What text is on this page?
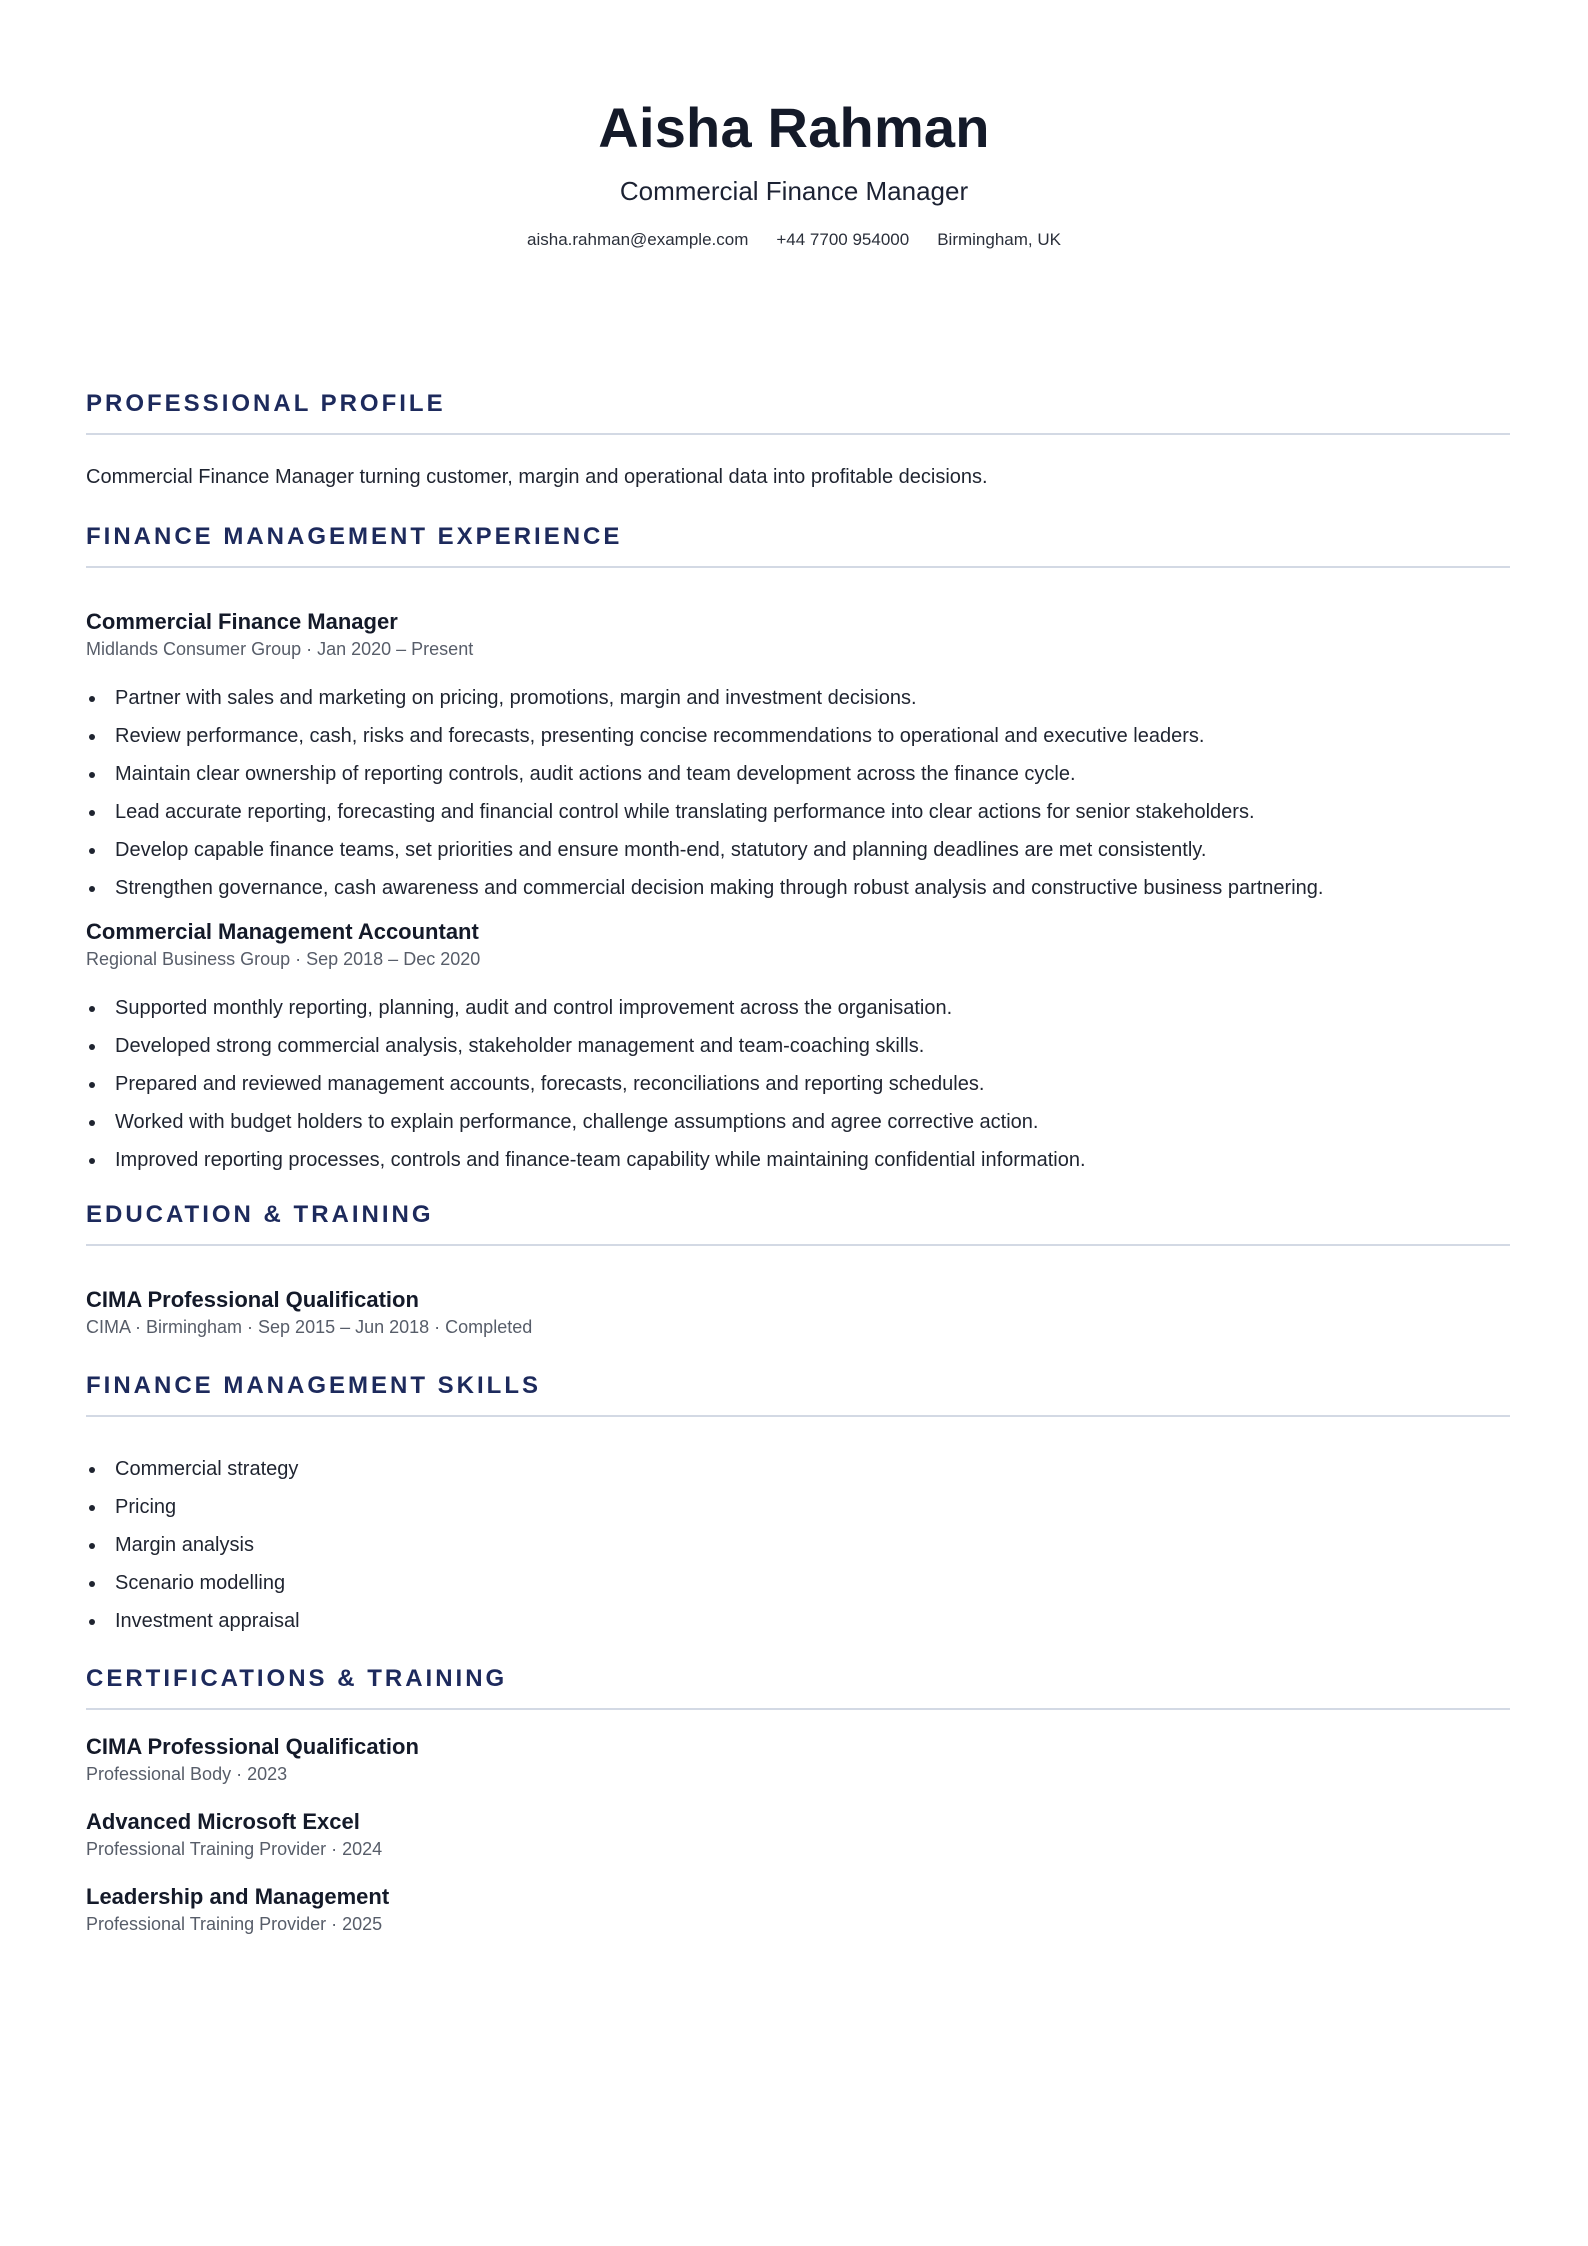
Aisha Rahman
Commercial Finance Manager
aisha.rahman@example.com +44 7700 954000 Birmingham, UK
PROFESSIONAL PROFILE

Commercial Finance Manager turning customer, margin and operational data into profitable decisions.

FINANCE MANAGEMENT EXPERIENCE
Commercial Finance Manager
Midlands Consumer Group · Jan 2020 – Present
Partner with sales and marketing on pricing, promotions, margin and investment decisions.
Review performance, cash, risks and forecasts, presenting concise recommendations to operational and executive leaders.
Maintain clear ownership of reporting controls, audit actions and team development across the finance cycle.
Lead accurate reporting, forecasting and financial control while translating performance into clear actions for senior stakeholders.
Develop capable finance teams, set priorities and ensure month-end, statutory and planning deadlines are met consistently.
Strengthen governance, cash awareness and commercial decision making through robust analysis and constructive business partnering.
Commercial Management Accountant
Regional Business Group · Sep 2018 – Dec 2020
Supported monthly reporting, planning, audit and control improvement across the organisation.
Developed strong commercial analysis, stakeholder management and team-coaching skills.
Prepared and reviewed management accounts, forecasts, reconciliations and reporting schedules.
Worked with budget holders to explain performance, challenge assumptions and agree corrective action.
Improved reporting processes, controls and finance-team capability while maintaining confidential information.
EDUCATION & TRAINING
CIMA Professional Qualification
CIMA · Birmingham · Sep 2015 – Jun 2018 · Completed
FINANCE MANAGEMENT SKILLS
Commercial strategy
Pricing
Margin analysis
Scenario modelling
Investment appraisal
CERTIFICATIONS & TRAINING
CIMA Professional Qualification
Professional Body · 2023
Advanced Microsoft Excel
Professional Training Provider · 2024
Leadership and Management
Professional Training Provider · 2025
